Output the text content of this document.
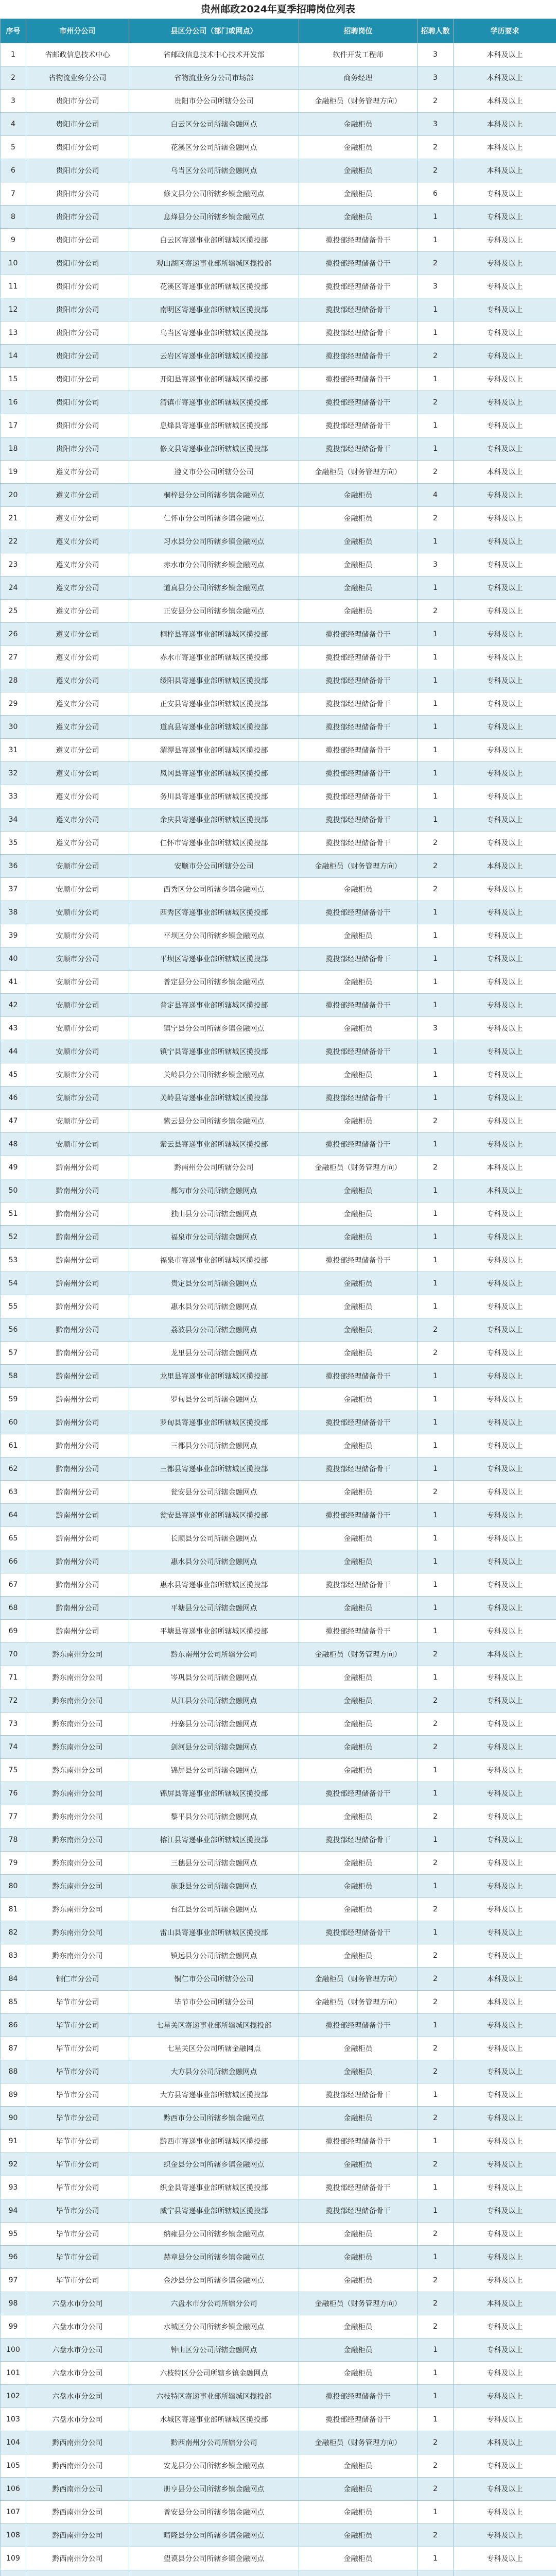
贵州邮政2024年夏季招聘岗位列表
序号	市州分公司	县区分公司（部门或网点）	招聘岗位	招聘人数	学历要求
1	省邮政信息技术中心	省邮政信息技术中心技术开发部	软件开发工程师	3	本科及以上
2	省物流业务分公司	省物流业务分公司市场部	商务经理	3	本科及以上
3	贵阳市分公司	贵阳市分公司所辖分公司	金融柜员（财务管理方向）	2	本科及以上
4	贵阳市分公司	白云区分公司所辖金融网点	金融柜员	3	本科及以上
5	贵阳市分公司	花溪区分公司所辖金融网点	金融柜员	2	本科及以上
6	贵阳市分公司	乌当区分公司所辖金融网点	金融柜员	2	本科及以上
7	贵阳市分公司	修文县分公司所辖乡镇金融网点	金融柜员	6	专科及以上
8	贵阳市分公司	息烽县分公司所辖乡镇金融网点	金融柜员	1	专科及以上
9	贵阳市分公司	白云区寄递事业部所辖城区揽投部	揽投部经理储备骨干	1	专科及以上
10	贵阳市分公司	观山湖区寄递事业部所辖城区揽投部	揽投部经理储备骨干	2	专科及以上
11	贵阳市分公司	花溪区寄递事业部所辖城区揽投部	揽投部经理储备骨干	3	专科及以上
12	贵阳市分公司	南明区寄递事业部所辖城区揽投部	揽投部经理储备骨干	1	专科及以上
13	贵阳市分公司	乌当区寄递事业部所辖城区揽投部	揽投部经理储备骨干	1	专科及以上
14	贵阳市分公司	云岩区寄递事业部所辖城区揽投部	揽投部经理储备骨干	2	专科及以上
15	贵阳市分公司	开阳县寄递事业部所辖城区揽投部	揽投部经理储备骨干	1	专科及以上
16	贵阳市分公司	清镇市寄递事业部所辖城区揽投部	揽投部经理储备骨干	2	专科及以上
17	贵阳市分公司	息烽县寄递事业部所辖城区揽投部	揽投部经理储备骨干	1	专科及以上
18	贵阳市分公司	修文县寄递事业部所辖城区揽投部	揽投部经理储备骨干	1	专科及以上
19	遵义市分公司	遵义市分公司所辖分公司	金融柜员（财务管理方向）	2	本科及以上
20	遵义市分公司	桐梓县分公司所辖乡镇金融网点	金融柜员	4	专科及以上
21	遵义市分公司	仁怀市分公司所辖乡镇金融网点	金融柜员	2	专科及以上
22	遵义市分公司	习水县分公司所辖乡镇金融网点	金融柜员	1	专科及以上
23	遵义市分公司	赤水市分公司所辖乡镇金融网点	金融柜员	3	专科及以上
24	遵义市分公司	道真县分公司所辖乡镇金融网点	金融柜员	1	专科及以上
25	遵义市分公司	正安县分公司所辖乡镇金融网点	金融柜员	2	专科及以上
26	遵义市分公司	桐梓县寄递事业部所辖城区揽投部	揽投部经理储备骨干	1	专科及以上
27	遵义市分公司	赤水市寄递事业部所辖城区揽投部	揽投部经理储备骨干	1	专科及以上
28	遵义市分公司	绥阳县寄递事业部所辖城区揽投部	揽投部经理储备骨干	1	专科及以上
29	遵义市分公司	正安县寄递事业部所辖城区揽投部	揽投部经理储备骨干	1	专科及以上
30	遵义市分公司	道真县寄递事业部所辖城区揽投部	揽投部经理储备骨干	1	专科及以上
31	遵义市分公司	湄潭县寄递事业部所辖城区揽投部	揽投部经理储备骨干	1	专科及以上
32	遵义市分公司	凤冈县寄递事业部所辖城区揽投部	揽投部经理储备骨干	1	专科及以上
33	遵义市分公司	务川县寄递事业部所辖城区揽投部	揽投部经理储备骨干	1	专科及以上
34	遵义市分公司	余庆县寄递事业部所辖城区揽投部	揽投部经理储备骨干	1	专科及以上
35	遵义市分公司	仁怀市寄递事业部所辖城区揽投部	揽投部经理储备骨干	2	专科及以上
36	安顺市分公司	安顺市分公司所辖分公司	金融柜员（财务管理方向）	2	本科及以上
37	安顺市分公司	西秀区分公司所辖乡镇金融网点	金融柜员	2	专科及以上
38	安顺市分公司	西秀区寄递事业部所辖城区揽投部	揽投部经理储备骨干	1	专科及以上
39	安顺市分公司	平坝区分公司所辖乡镇金融网点	金融柜员	1	专科及以上
40	安顺市分公司	平坝区寄递事业部所辖城区揽投部	揽投部经理储备骨干	1	专科及以上
41	安顺市分公司	普定县分公司所辖乡镇金融网点	金融柜员	1	专科及以上
42	安顺市分公司	普定县寄递事业部所辖城区揽投部	揽投部经理储备骨干	1	专科及以上
43	安顺市分公司	镇宁县分公司所辖乡镇金融网点	金融柜员	3	专科及以上
44	安顺市分公司	镇宁县寄递事业部所辖城区揽投部	揽投部经理储备骨干	1	专科及以上
45	安顺市分公司	关岭县分公司所辖乡镇金融网点	金融柜员	1	专科及以上
46	安顺市分公司	关岭县寄递事业部所辖城区揽投部	揽投部经理储备骨干	1	专科及以上
47	安顺市分公司	紫云县分公司所辖乡镇金融网点	金融柜员	2	专科及以上
48	安顺市分公司	紫云县寄递事业部所辖城区揽投部	揽投部经理储备骨干	1	专科及以上
49	黔南州分公司	黔南州分公司所辖分公司	金融柜员（财务管理方向）	2	本科及以上
50	黔南州分公司	都匀市分公司所辖金融网点	金融柜员	1	本科及以上
51	黔南州分公司	独山县分公司所辖金融网点	金融柜员	1	专科及以上
52	黔南州分公司	福泉市分公司所辖金融网点	金融柜员	1	专科及以上
53	黔南州分公司	福泉市寄递事业部所辖城区揽投部	揽投部经理储备骨干	1	专科及以上
54	黔南州分公司	贵定县分公司所辖金融网点	金融柜员	1	专科及以上
55	黔南州分公司	惠水县分公司所辖金融网点	金融柜员	1	专科及以上
56	黔南州分公司	荔波县分公司所辖金融网点	金融柜员	2	专科及以上
57	黔南州分公司	龙里县分公司所辖金融网点	金融柜员	2	专科及以上
58	黔南州分公司	龙里县寄递事业部所辖城区揽投部	揽投部经理储备骨干	1	专科及以上
59	黔南州分公司	罗甸县分公司所辖金融网点	金融柜员	1	专科及以上
60	黔南州分公司	罗甸县寄递事业部所辖城区揽投部	揽投部经理储备骨干	1	专科及以上
61	黔南州分公司	三都县分公司所辖金融网点	金融柜员	1	专科及以上
62	黔南州分公司	三都县寄递事业部所辖城区揽投部	揽投部经理储备骨干	1	专科及以上
63	黔南州分公司	瓮安县分公司所辖金融网点	金融柜员	2	专科及以上
64	黔南州分公司	瓮安县寄递事业部所辖城区揽投部	揽投部经理储备骨干	1	专科及以上
65	黔南州分公司	长顺县分公司所辖金融网点	金融柜员	1	专科及以上
66	黔南州分公司	惠水县分公司所辖金融网点	金融柜员	1	专科及以上
67	黔南州分公司	惠水县寄递事业部所辖城区揽投部	揽投部经理储备骨干	1	专科及以上
68	黔南州分公司	平塘县分公司所辖金融网点	金融柜员	1	专科及以上
69	黔南州分公司	平塘县寄递事业部所辖城区揽投部	揽投部经理储备骨干	1	专科及以上
70	黔东南州分公司	黔东南州分公司所辖分公司	金融柜员（财务管理方向）	2	本科及以上
71	黔东南州分公司	岑巩县分公司所辖金融网点	金融柜员	1	专科及以上
72	黔东南州分公司	从江县分公司所辖金融网点	金融柜员	2	专科及以上
73	黔东南州分公司	丹寨县分公司所辖金融网点	金融柜员	2	专科及以上
74	黔东南州分公司	剑河县分公司所辖金融网点	金融柜员	2	专科及以上
75	黔东南州分公司	锦屏县分公司所辖金融网点	金融柜员	1	专科及以上
76	黔东南州分公司	锦屏县寄递事业部所辖城区揽投部	揽投部经理储备骨干	1	专科及以上
77	黔东南州分公司	黎平县分公司所辖金融网点	金融柜员	2	专科及以上
78	黔东南州分公司	榕江县寄递事业部所辖城区揽投部	揽投部经理储备骨干	1	专科及以上
79	黔东南州分公司	三穗县分公司所辖金融网点	金融柜员	2	专科及以上
80	黔东南州分公司	施秉县分公司所辖金融网点	金融柜员	1	专科及以上
81	黔东南州分公司	台江县分公司所辖金融网点	金融柜员	2	专科及以上
82	黔东南州分公司	雷山县寄递事业部所辖城区揽投部	揽投部经理储备骨干	1	专科及以上
83	黔东南州分公司	镇远县分公司所辖金融网点	金融柜员	2	专科及以上
84	铜仁市分公司	铜仁市分公司所辖分公司	金融柜员（财务管理方向）	2	本科及以上
85	毕节市分公司	毕节市分公司所辖分公司	金融柜员（财务管理方向）	2	本科及以上
86	毕节市分公司	七星关区寄递事业部所辖城区揽投部	揽投部经理储备骨干	1	专科及以上
87	毕节市分公司	七星关区分公司所辖金融网点	金融柜员	2	专科及以上
88	毕节市分公司	大方县分公司所辖金融网点	金融柜员	2	专科及以上
89	毕节市分公司	大方县寄递事业部所辖城区揽投部	揽投部经理储备骨干	1	专科及以上
90	毕节市分公司	黔西市分公司所辖乡镇金融网点	金融柜员	2	专科及以上
91	毕节市分公司	黔西市寄递事业部所辖城区揽投部	揽投部经理储备骨干	1	专科及以上
92	毕节市分公司	织金县分公司所辖乡镇金融网点	金融柜员	2	专科及以上
93	毕节市分公司	织金县寄递事业部所辖城区揽投部	揽投部经理储备骨干	1	专科及以上
94	毕节市分公司	威宁县寄递事业部所辖城区揽投部	揽投部经理储备骨干	1	专科及以上
95	毕节市分公司	纳雍县分公司所辖乡镇金融网点	金融柜员	2	专科及以上
96	毕节市分公司	赫章县分公司所辖乡镇金融网点	金融柜员	1	专科及以上
97	毕节市分公司	金沙县分公司所辖乡镇金融网点	金融柜员	2	专科及以上
98	六盘水市分公司	六盘水市分公司所辖分公司	金融柜员（财务管理方向）	2	本科及以上
99	六盘水市分公司	水城区分公司所辖乡镇金融网点	金融柜员	2	专科及以上
100	六盘水市分公司	钟山区分公司所辖金融网点	金融柜员	1	专科及以上
101	六盘水市分公司	六枝特区分公司所辖乡镇金融网点	金融柜员	1	专科及以上
102	六盘水市分公司	六枝特区寄递事业部所辖城区揽投部	揽投部经理储备骨干	1	专科及以上
103	六盘水市分公司	水城区寄递事业部所辖城区揽投部	揽投部经理储备骨干	1	专科及以上
104	黔西南州分公司	黔西南州分公司所辖分公司	金融柜员（财务管理方向）	2	本科及以上
105	黔西南州分公司	安龙县分公司所辖乡镇金融网点	金融柜员	2	专科及以上
106	黔西南州分公司	册亨县分公司所辖乡镇金融网点	金融柜员	2	专科及以上
107	黔西南州分公司	普安县分公司所辖乡镇金融网点	金融柜员	1	专科及以上
108	黔西南州分公司	晴隆县分公司所辖乡镇金融网点	金融柜员	2	专科及以上
109	黔西南州分公司	望谟县分公司所辖乡镇金融网点	金融柜员	1	专科及以上
